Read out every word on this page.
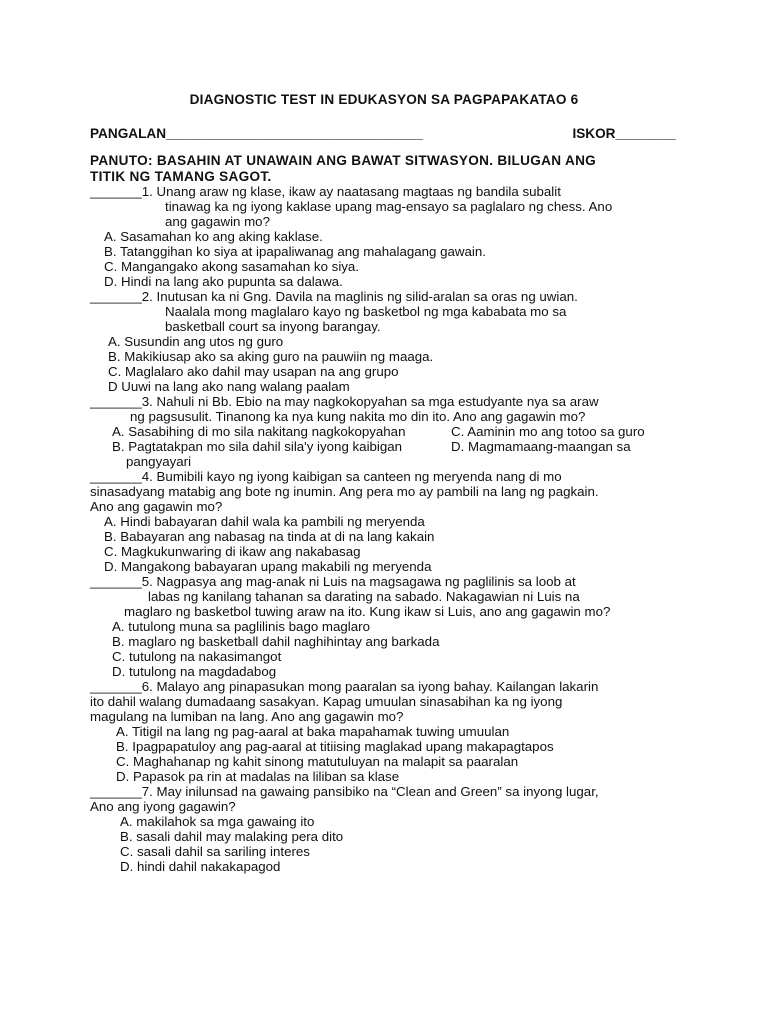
DIAGNOSTIC TEST IN EDUKASYON SA PAGPAPAKATAO 6
PANGALAN__________________________________	ISKOR________
PANUTO: BASAHIN AT UNAWAIN ANG BAWAT SITWASYON. BILUGAN ANG
TITIK NG TAMANG SAGOT.
_______1. Unang araw ng klase, ikaw ay naatasang magtaas ng bandila subalit
tinawag ka ng iyong kaklase upang mag-ensayo sa paglalaro ng chess. Ano
ang gagawin mo?
A. Sasamahan ko ang aking kaklase.
B. Tatanggihan ko siya at ipapaliwanag ang mahalagang gawain.
C. Mangangako akong sasamahan ko siya.
D. Hindi na lang ako pupunta sa dalawa.
_______2. Inutusan ka ni Gng. Davila na maglinis ng silid-aralan sa oras ng uwian.
Naalala mong maglalaro kayo ng basketbol ng mga kababata mo sa
basketball court sa inyong barangay.
A. Susundin ang utos ng guro
B. Makikiusap ako sa aking guro na pauwiin ng maaga.
C. Maglalaro ako dahil may usapan na ang grupo
D Uuwi na lang ako nang walang paalam
_______3. Nahuli ni Bb. Ebio na may nagkokopyahan sa mga estudyante nya sa araw
ng pagsusulit. Tinanong ka nya kung nakita mo din ito. Ano ang gagawin mo?
A. Sasabihing di mo sila nakitang nagkokopyahan	C. Aaminin mo ang totoo sa guro
B. Pagtatakpan mo sila dahil sila'y iyong kaibigan	D. Magmamaang-maangan sa
pangyayari
_______4. Bumibili kayo ng iyong kaibigan sa canteen ng meryenda nang di mo
sinasadyang matabig ang bote ng inumin. Ang pera mo ay pambili na lang ng pagkain.
Ano ang gagawin mo?
A. Hindi babayaran dahil wala ka pambili ng meryenda
B. Babayaran ang nabasag na tinda at di na lang kakain
C. Magkukunwaring di ikaw ang nakabasag
D. Mangakong babayaran upang makabili ng meryenda
_______5. Nagpasya ang mag-anak ni Luis na magsagawa ng paglilinis sa loob at
labas ng kanilang tahanan sa darating na sabado. Nakagawian ni Luis na
maglaro ng basketbol tuwing araw na ito. Kung ikaw si Luis, ano ang gagawin mo?
A. tutulong muna sa paglilinis bago maglaro
B. maglaro ng basketball dahil naghihintay ang barkada
C. tutulong na nakasimangot
D. tutulong na magdadabog
_______6. Malayo ang pinapasukan mong paaralan sa iyong bahay. Kailangan lakarin
ito dahil walang dumadaang sasakyan. Kapag umuulan sinasabihan ka ng iyong
magulang na lumiban na lang. Ano ang gagawin mo?
A. Titigil na lang ng pag-aaral at baka mapahamak tuwing umuulan
B. Ipagpapatuloy ang pag-aaral at titiising maglakad upang makapagtapos
C. Maghahanap ng kahit sinong matutuluyan na malapit sa paaralan
D. Papasok pa rin at madalas na liliban sa klase
_______7. May inilunsad na gawaing pansibiko na “Clean and Green” sa inyong lugar,
Ano ang iyong gagawin?
A. makilahok sa mga gawaing ito
B. sasali dahil may malaking pera dito
C. sasali dahil sa sariling interes
D. hindi dahil nakakapagod
